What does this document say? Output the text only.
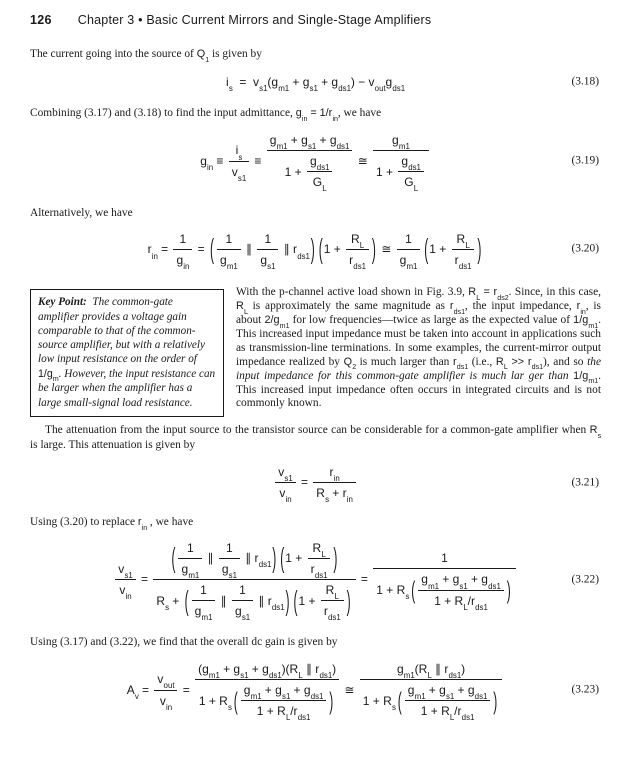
126 Chapter 3 • Basic Current Mirrors and Single-Stage Amplifiers

The current going into the source of $Q_1$ is given by

$i_s = v_{s1}(g_{m1} + g_{s1} + g_{ds1}) - v_{out}g_{ds1}$
(3.18)

Combining (3.17) and (3.18) to find the input admittance, $g_{in} = 1/r_{in}$, we have

$g_{in} \equiv \frac{i_s}{v_{s1}} \equiv \frac{g_{m1} + g_{s1} + g_{ds1}}{1 + \frac{g_{ds1}}{G_L}}$ ≅ $\frac{g_{m1}}{1 + \frac{g_{ds1}}{G_L}}$	(3.19)

Alternatively, we have

$r_{in} = \frac{1}{g_{in}}$ = ( $\frac{1}{g_{m1}}$ ∥ $\frac{1}{g_{s1}}$ ∥ $r_{ds1}$ ) ( $1 + \frac{R_L}{r_{ds1}}$ ) ≅ $\frac{1}{g_{m1}}$ ( $1 + \frac{R_L}{r_{ds1}}$ )	(3.20)
Key Point:  The common-gate amplifier provides a voltage gain comparable to that of the common-source amplifier, but with a relatively low input resistance on the order of $1/g_m$. However, the input resistance can be larger when the amplifier has a large small-signal load resistance.

With the p-channel active load shown in Fig. 3.9, $R_L = r_{ds2}$. Since, in this case, $R_L$ is approximately the same magnitude as $r_{ds1}$, the input impedance, $r_{in}$, is about $2/g_{m1}$ for low frequencies—twice as large as the expected value of $1/g_{m1}$. This increased input impedance must be taken into account in applications such as transmission-line terminations. In some examples, the current-mirror output impedance realized by $Q_2$ is much larger than $r_{ds1}$ (i.e., $R_L >> r_{ds1}$), and so the input impedance for this common-gate amplifier is much lar ger than $1/g_{m1}$. This increased input impedance often occurs in integrated circuits and is not commonly known.

The attenuation from the input source to the transistor source can be considerable for a common-gate amplifier when $R_s$ is large. This attenuation is given by

$\frac{v_{s1}}{v_{in}} = \frac{r_{in}}{R_s + r_{in}}$	(3.21)

Using (3.20) to replace $r_{in}$ , we have

$\frac{v_{s1}}{v_{in}} = \frac{( \frac{1}{g_{m1}} \parallel \frac{1}{g_{s1}} \parallel r_{ds1} ) ( 1 + \frac{R_L}{r_{ds1}} )}{R_s + ( \frac{1}{g_{m1}} \parallel \frac{1}{g_{s1}} \parallel r_{ds1} ) ( 1 + \frac{R_L}{r_{ds1}} )} = \frac{1}{1 + R_s ( \frac{g_{m1} + g_{s1} + g_{ds1}}{1 + R_L/r_{ds1}} )}$	(3.22)

Using (3.17) and (3.22), we find that the overall dc gain is given by

$A_v = \frac{v_{out}}{v_{in}} = \frac{(g_{m1} + g_{s1} + g_{ds1})(R_L \parallel r_{ds1})}{1 + R_s ( \frac{g_{m1} + g_{s1} + g_{ds1}}{1 + R_L/r_{ds1}} )}$ ≅ $\frac{g_{m1}(R_L \parallel r_{ds1})}{1 + R_s ( \frac{g_{m1} + g_{s1} + g_{ds1}}{1 + R_L/r_{ds1}} )}$	(3.23)
